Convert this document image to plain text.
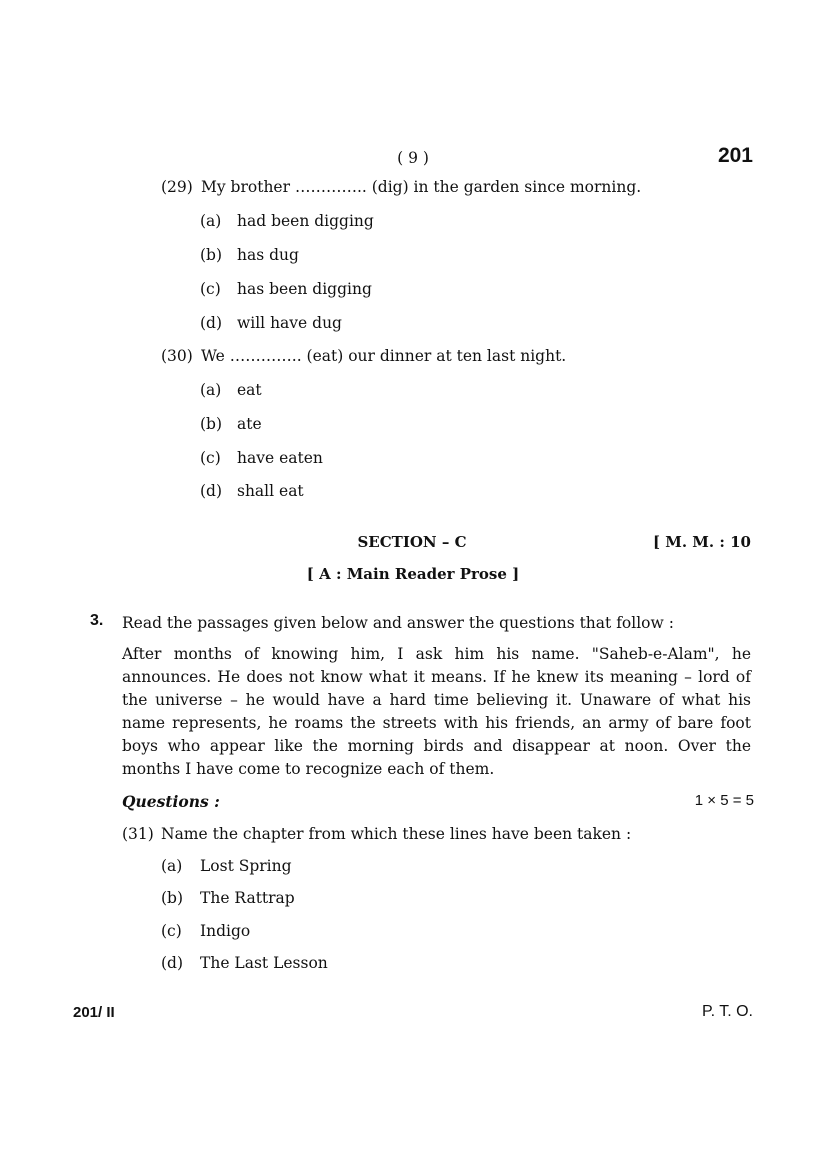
( 9 )	201
(29) My brother ………….. (dig) in the garden since morning.
(a) had been digging
(b) has dug
(c) has been digging
(d) will have dug
(30) We ………….. (eat) our dinner at ten last night.
(a) eat
(b) ate
(c) have eaten
(d) shall eat
SECTION – C	[ M. M. : 10
[ A : Main Reader Prose ]
3. Read the passages given below and answer the questions that follow :

After months of knowing him, I ask him his name. "Saheb-e-Alam", he announces. He does not know what it means. If he knew its meaning – lord of the universe – he would have a hard time believing it. Unaware of what his name represents, he roams the streets with his friends, an army of bare foot boys who appear like the morning birds and disappear at noon. Over the months I have come to recognize each of them.

Questions :	1 × 5 = 5
(31) Name the chapter from which these lines have been taken :
(a) Lost Spring
(b) The Rattrap
(c) Indigo
(d) The Last Lesson
201/ II	P. T. O.
